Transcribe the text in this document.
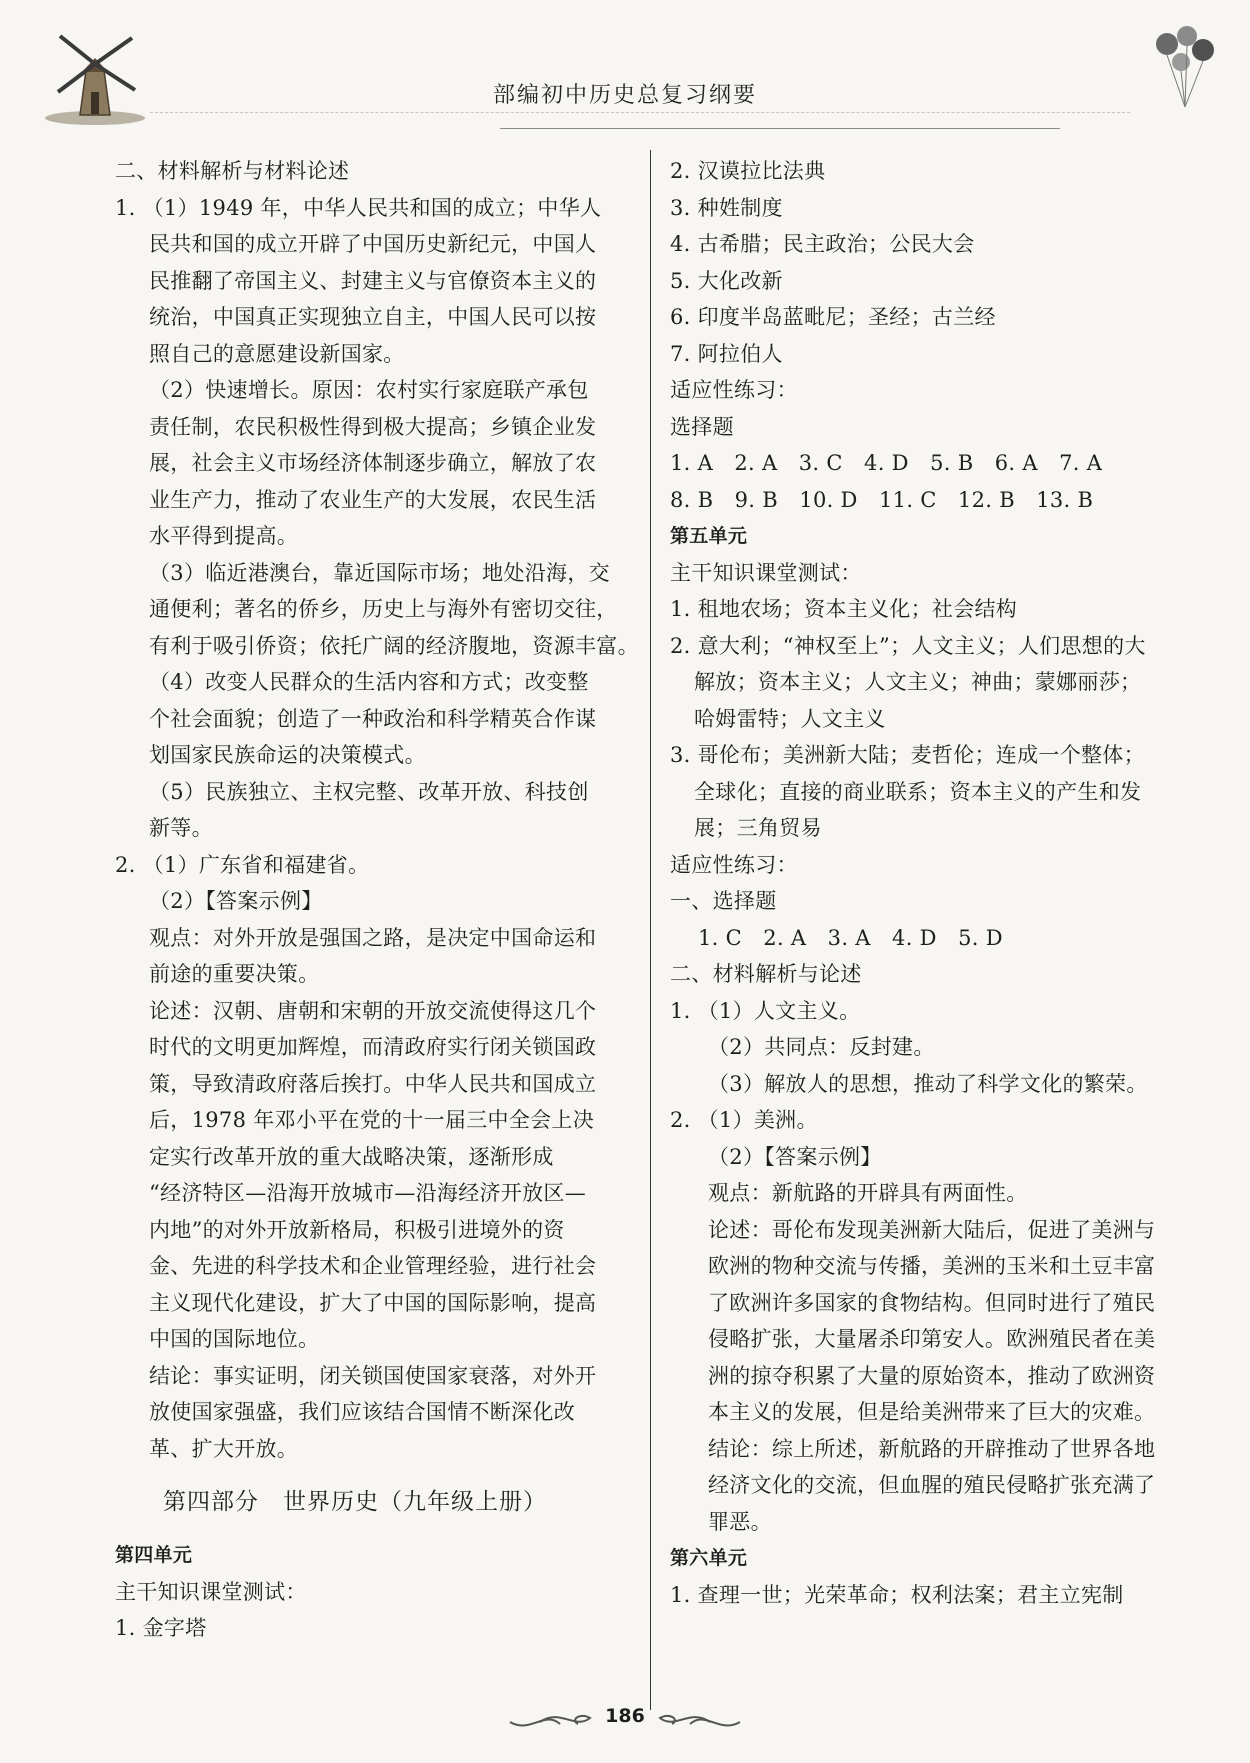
部编初中历史总复习纲要
二、材料解析与材料论述
1. （1）1949 年，中华人民共和国的成立；中华人
民共和国的成立开辟了中国历史新纪元，中国人
民推翻了帝国主义、封建主义与官僚资本主义的
统治，中国真正实现独立自主，中国人民可以按
照自己的意愿建设新国家。
（2）快速增长。原因：农村实行家庭联产承包
责任制，农民积极性得到极大提高；乡镇企业发
展，社会主义市场经济体制逐步确立，解放了农
业生产力，推动了农业生产的大发展，农民生活
水平得到提高。
（3）临近港澳台，靠近国际市场；地处沿海，交
通便利；著名的侨乡，历史上与海外有密切交往，
有利于吸引侨资；依托广阔的经济腹地，资源丰富。
（4）改变人民群众的生活内容和方式；改变整
个社会面貌；创造了一种政治和科学精英合作谋
划国家民族命运的决策模式。
（5）民族独立、主权完整、改革开放、科技创
新等。
2. （1）广东省和福建省。
（2）【答案示例】
观点：对外开放是强国之路，是决定中国命运和
前途的重要决策。
论述：汉朝、唐朝和宋朝的开放交流使得这几个
时代的文明更加辉煌，而清政府实行闭关锁国政
策，导致清政府落后挨打。中华人民共和国成立
后，1978 年邓小平在党的十一届三中全会上决
定实行改革开放的重大战略决策，逐渐形成
“经济特区—沿海开放城市—沿海经济开放区—
内地”的对外开放新格局，积极引进境外的资
金、先进的科学技术和企业管理经验，进行社会
主义现代化建设，扩大了中国的国际影响，提高
中国的国际地位。
结论：事实证明，闭关锁国使国家衰落，对外开
放使国家强盛，我们应该结合国情不断深化改
革、扩大开放。
第四部分　世界历史（九年级上册）
第四单元
主干知识课堂测试：
1. 金字塔
2. 汉谟拉比法典
3. 种姓制度
4. 古希腊；民主政治；公民大会
5. 大化改新
6. 印度半岛蓝毗尼；圣经；古兰经
7. 阿拉伯人
适应性练习：
选择题
1. A　2. A　3. C　4. D　5. B　6. A　7. A
8. B　9. B　10. D　11. C　12. B　13. B
第五单元
主干知识课堂测试：
1. 租地农场；资本主义化；社会结构
2. 意大利；“神权至上”；人文主义；人们思想的大
解放；资本主义；人文主义；神曲；蒙娜丽莎；
哈姆雷特；人文主义
3. 哥伦布；美洲新大陆；麦哲伦；连成一个整体；
全球化；直接的商业联系；资本主义的产生和发
展；三角贸易
适应性练习：
一、选择题
1. C　2. A　3. A　4. D　5. D
二、材料解析与论述
1. （1）人文主义。
（2）共同点：反封建。
（3）解放人的思想，推动了科学文化的繁荣。
2. （1）美洲。
（2）【答案示例】
观点：新航路的开辟具有两面性。
论述：哥伦布发现美洲新大陆后，促进了美洲与
欧洲的物种交流与传播，美洲的玉米和土豆丰富
了欧洲许多国家的食物结构。但同时进行了殖民
侵略扩张，大量屠杀印第安人。欧洲殖民者在美
洲的掠夺积累了大量的原始资本，推动了欧洲资
本主义的发展，但是给美洲带来了巨大的灾难。
结论：综上所述，新航路的开辟推动了世界各地
经济文化的交流，但血腥的殖民侵略扩张充满了
罪恶。
第六单元
1. 查理一世；光荣革命；权利法案；君主立宪制
186
